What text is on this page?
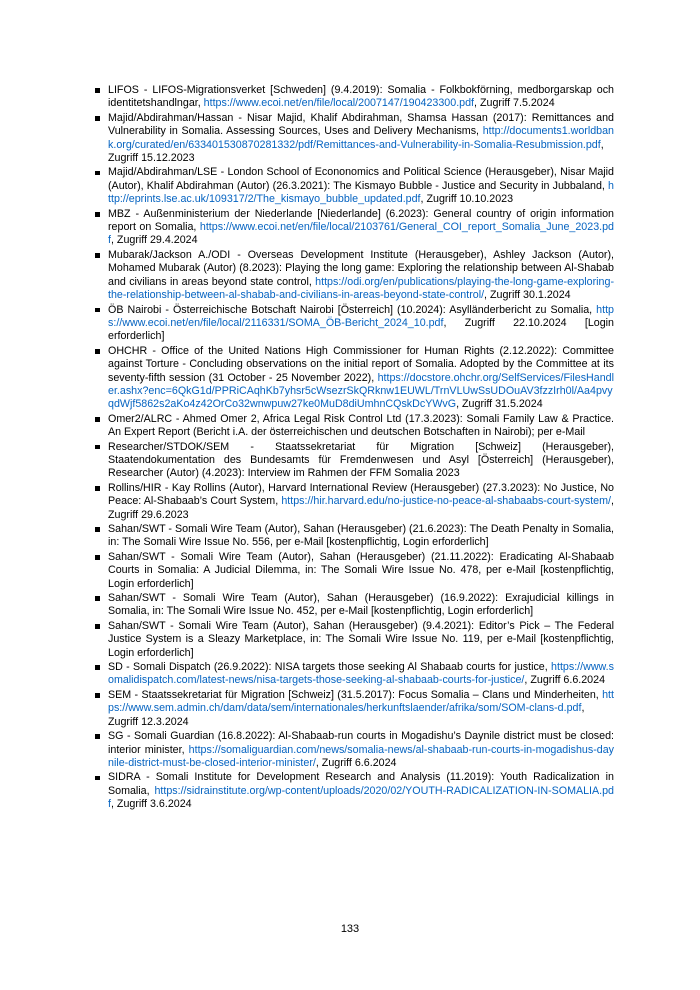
LIFOS - LIFOS-Migrationsverket [Schweden] (9.4.2019): Somalia - Folkbokförning, medborgarskap och identitetshandlngar, https://www.ecoi.net/en/file/local/2007147/190423300.pdf, Zugriff 7.5.2024
Majid/Abdirahman/Hassan - Nisar Majid, Khalif Abdirahman, Shamsa Hassan (2017): Remittances and Vulnerability in Somalia. Assessing Sources, Uses and Delivery Mechanisms, http://documents1.worldbank.org/curated/en/633401530870281332/pdf/Remittances-and-Vulnerability-in-Somalia-Resubmission.pdf, Zugriff 15.12.2023
Majid/Abdirahman/LSE - London School of Econonomics and Political Science (Herausgeber), Nisar Majid (Autor), Khalif Abdirahman (Autor) (26.3.2021): The Kismayo Bubble - Justice and Security in Jubbaland, http://eprints.lse.ac.uk/109317/2/The_kismayo_bubble_updated.pdf, Zugriff 10.10.2023
MBZ - Außenministerium der Niederlande [Niederlande] (6.2023): General country of origin information report on Somalia, https://www.ecoi.net/en/file/local/2103761/General_COI_report_Somalia_June_2023.pdf, Zugriff 29.4.2024
Mubarak/Jackson A./ODI - Overseas Development Institute (Herausgeber), Ashley Jackson (Autor), Mohamed Mubarak (Autor) (8.2023): Playing the long game: Exploring the relationship between Al-Shabab and civilians in areas beyond state control, https://odi.org/en/publications/playing-the-long-game-exploring-the-relationship-between-al-shabab-and-civilians-in-areas-beyond-state-control/, Zugriff 30.1.2024
ÖB Nairobi - Österreichische Botschaft Nairobi [Österreich] (10.2024): Asylländerbericht zu Somalia, https://www.ecoi.net/en/file/local/2116331/SOMA_ÖB-Bericht_2024_10.pdf, Zugriff 22.10.2024 [Login erforderlich]
OHCHR - Office of the United Nations High Commissioner for Human Rights (2.12.2022): Committee against Torture - Concluding observations on the initial report of Somalia. Adopted by the Committee at its seventy-fifth session (31 October - 25 November 2022), https://docstore.ohchr.org/SelfServices/FilesHandler.ashx?enc=6QkG1d/PPRiCAqhKb7yhsr5cWsezrSkQRknw1EUWL/TrnVLUwSsUDOuAV3fzzIrh0l/Aa4pvyqdWjf5862s2aKo4z42OrCo32wnwpuw27ke0MuD8diUmhnCQskDcYWvG, Zugriff 31.5.2024
Omer2/ALRC - Ahmed Omer 2, Africa Legal Risk Control Ltd (17.3.2023): Somali Family Law & Practice. An Expert Report (Bericht i.A. der österreichischen und deutschen Botschaften in Nairobi); per e-Mail
Researcher/STDOK/SEM - Staatssekretariat für Migration [Schweiz] (Herausgeber), Staatendokumentation des Bundesamts für Fremdenwesen und Asyl [Österreich] (Herausgeber), Researcher (Autor) (4.2023): Interview im Rahmen der FFM Somalia 2023
Rollins/HIR - Kay Rollins (Autor), Harvard International Review (Herausgeber) (27.3.2023): No Justice, No Peace: Al-Shabaab’s Court System, https://hir.harvard.edu/no-justice-no-peace-al-shabaabs-court-system/, Zugriff 29.6.2023
Sahan/SWT - Somali Wire Team (Autor), Sahan (Herausgeber) (21.6.2023): The Death Penalty in Somalia, in: The Somali Wire Issue No. 556, per e-Mail [kostenpflichtig, Login erforderlich]
Sahan/SWT - Somali Wire Team (Autor), Sahan (Herausgeber) (21.11.2022): Eradicating Al-Shabaab Courts in Somalia: A Judicial Dilemma, in: The Somali Wire Issue No. 478, per e-Mail [kostenpflichtig, Login erforderlich]
Sahan/SWT - Somali Wire Team (Autor), Sahan (Herausgeber) (16.9.2022): Exrajudicial killings in Somalia, in: The Somali Wire Issue No. 452, per e-Mail [kostenpflichtig, Login erforderlich]
Sahan/SWT - Somali Wire Team (Autor), Sahan (Herausgeber) (9.4.2021): Editor’s Pick – The Federal Justice System is a Sleazy Marketplace, in: The Somali Wire Issue No. 119, per e-Mail [kostenpflichtig, Login erforderlich]
SD - Somali Dispatch (26.9.2022): NISA targets those seeking Al Shabaab courts for justice, https://www.somalidispatch.com/latest-news/nisa-targets-those-seeking-al-shabaab-courts-for-justice/, Zugriff 6.6.2024
SEM - Staatssekretariat für Migration [Schweiz] (31.5.2017): Focus Somalia – Clans und Minderheiten, https://www.sem.admin.ch/dam/data/sem/internationales/herkunftslaender/afrika/som/SOM-clans-d.pdf, Zugriff 12.3.2024
SG - Somali Guardian (16.8.2022): Al-Shabaab-run courts in Mogadishu’s Daynile district must be closed: interior minister, https://somaliguardian.com/news/somalia-news/al-shabaab-run-courts-in-mogadishus-daynile-district-must-be-closed-interior-minister/, Zugriff 6.6.2024
SIDRA - Somali Institute for Development Research and Analysis (11.2019): Youth Radicalization in Somalia, https://sidrainstitute.org/wp-content/uploads/2020/02/YOUTH-RADICALIZATION-IN-SOMALIA.pdf, Zugriff 3.6.2024
133
